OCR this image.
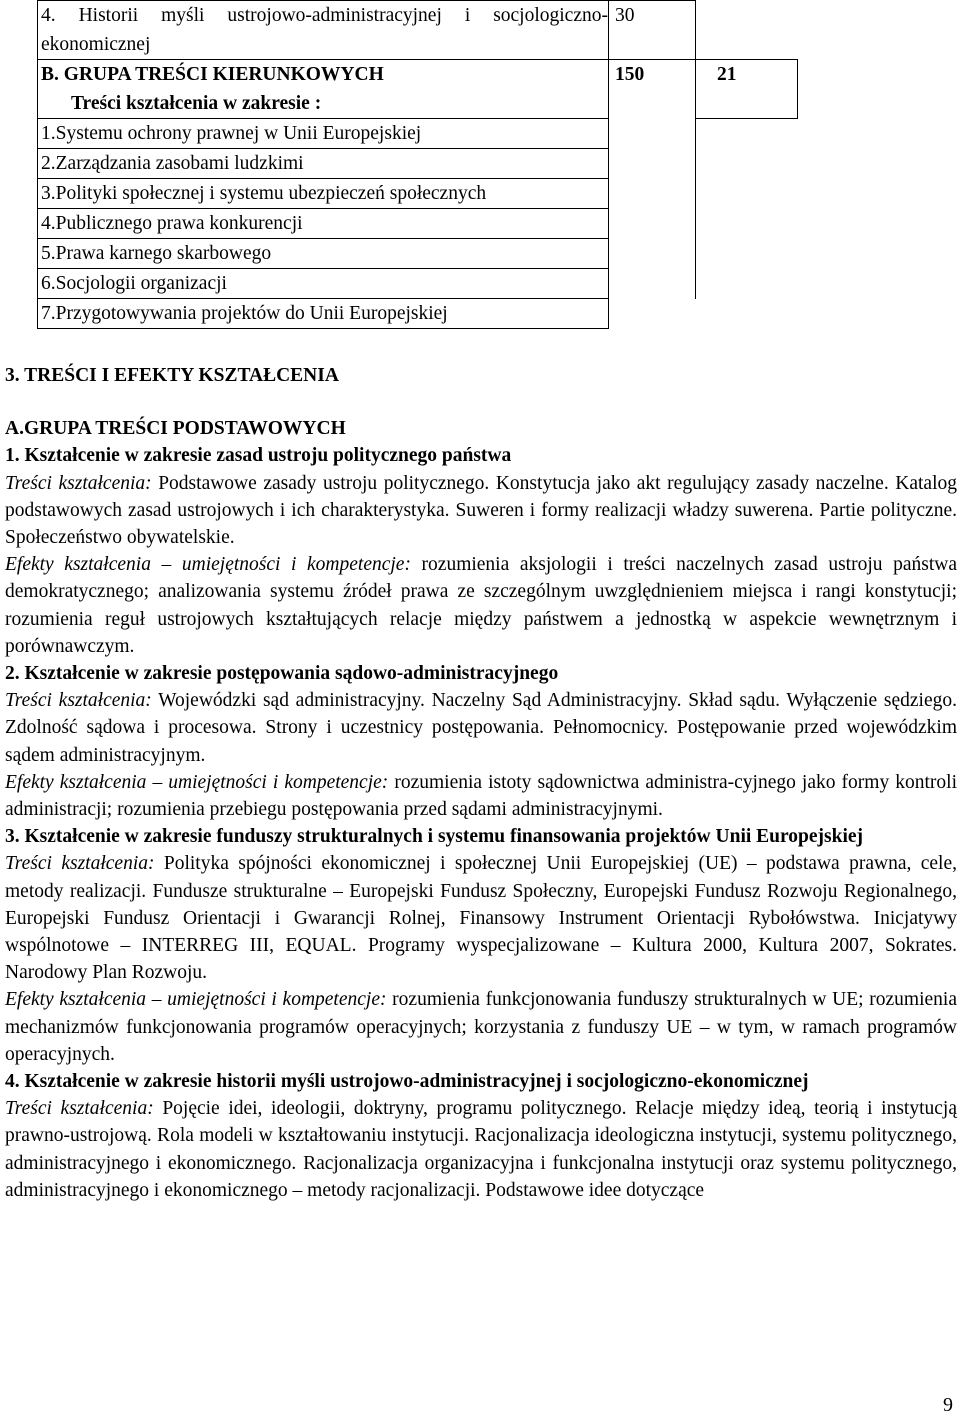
4. Historii myśli ustrojowo-administracyjnej i socjologiczno-ekonomicznej	30	

B. GRUPA TREŚCI KIERUNKOWYCH
Treści kształcenia w zakresie :	150	21
1.Systemu ochrony prawnej w Unii Europejskiej		
2.Zarządzania zasobami ludzkimi		
3.Polityki społecznej i systemu ubezpieczeń społecznych		
4.Publicznego prawa konkurencji		
5.Prawa karnego skarbowego		
6.Socjologii organizacji		
7.Przygotowywania projektów do Unii Europejskiej		

3. TREŚCI I EFEKTY KSZTAŁCENIA

A.GRUPA TREŚCI PODSTAWOWYCH

1. Kształcenie w zakresie zasad ustroju politycznego państwa

Treści kształcenia: Podstawowe zasady ustroju politycznego. Konstytucja jako akt regulujący zasady naczelne. Katalog podstawowych zasad ustrojowych i ich charakterystyka. Suweren i formy realizacji władzy suwerena. Partie polityczne. Społeczeństwo obywatelskie.

Efekty kształcenia – umiejętności i kompetencje: rozumienia aksjologii i treści naczelnych zasad ustroju państwa demokratycznego; analizowania systemu źródeł prawa ze szczególnym uwzględnieniem miejsca i rangi konstytucji; rozumienia reguł ustrojowych kształtujących relacje między państwem a jednostką w aspekcie wewnętrznym i porównawczym.

2. Kształcenie w zakresie postępowania sądowo-administracyjnego

Treści kształcenia: Wojewódzki sąd administracyjny. Naczelny Sąd Administracyjny. Skład sądu. Wyłączenie sędziego. Zdolność sądowa i procesowa. Strony i uczestnicy postępowania. Pełnomocnicy. Postępowanie przed wojewódzkim sądem administracyjnym.

Efekty kształcenia – umiejętności i kompetencje: rozumienia istoty sądownictwa administra-cyjnego jako formy kontroli administracji; rozumienia przebiegu postępowania przed sądami administracyjnymi.

3. Kształcenie w zakresie funduszy strukturalnych i systemu finansowania projektów Unii Europejskiej

Treści kształcenia: Polityka spójności ekonomicznej i społecznej Unii Europejskiej (UE) – podstawa prawna, cele, metody realizacji. Fundusze strukturalne – Europejski Fundusz Społeczny, Europejski Fundusz Rozwoju Regionalnego, Europejski Fundusz Orientacji i Gwarancji Rolnej, Finansowy Instrument Orientacji Rybołówstwa. Inicjatywy wspólnotowe – INTERREG III, EQUAL. Programy wyspecjalizowane – Kultura 2000, Kultura 2007, Sokrates. Narodowy Plan Rozwoju.

Efekty kształcenia – umiejętności i kompetencje: rozumienia funkcjonowania funduszy strukturalnych w UE; rozumienia mechanizmów funkcjonowania programów operacyjnych; korzystania z funduszy UE – w tym, w ramach programów operacyjnych.

4. Kształcenie w zakresie historii myśli ustrojowo-administracyjnej i socjologiczno-ekonomicznej

Treści kształcenia: Pojęcie idei, ideologii, doktryny, programu politycznego. Relacje między ideą, teorią i instytucją prawno-ustrojową. Rola modeli w kształtowaniu instytucji. Racjonalizacja ideologiczna instytucji, systemu politycznego, administracyjnego i ekonomicznego. Racjonalizacja organizacyjna i funkcjonalna instytucji oraz systemu politycznego, administracyjnego i ekonomicznego – metody racjonalizacji. Podstawowe idee dotyczące

9
